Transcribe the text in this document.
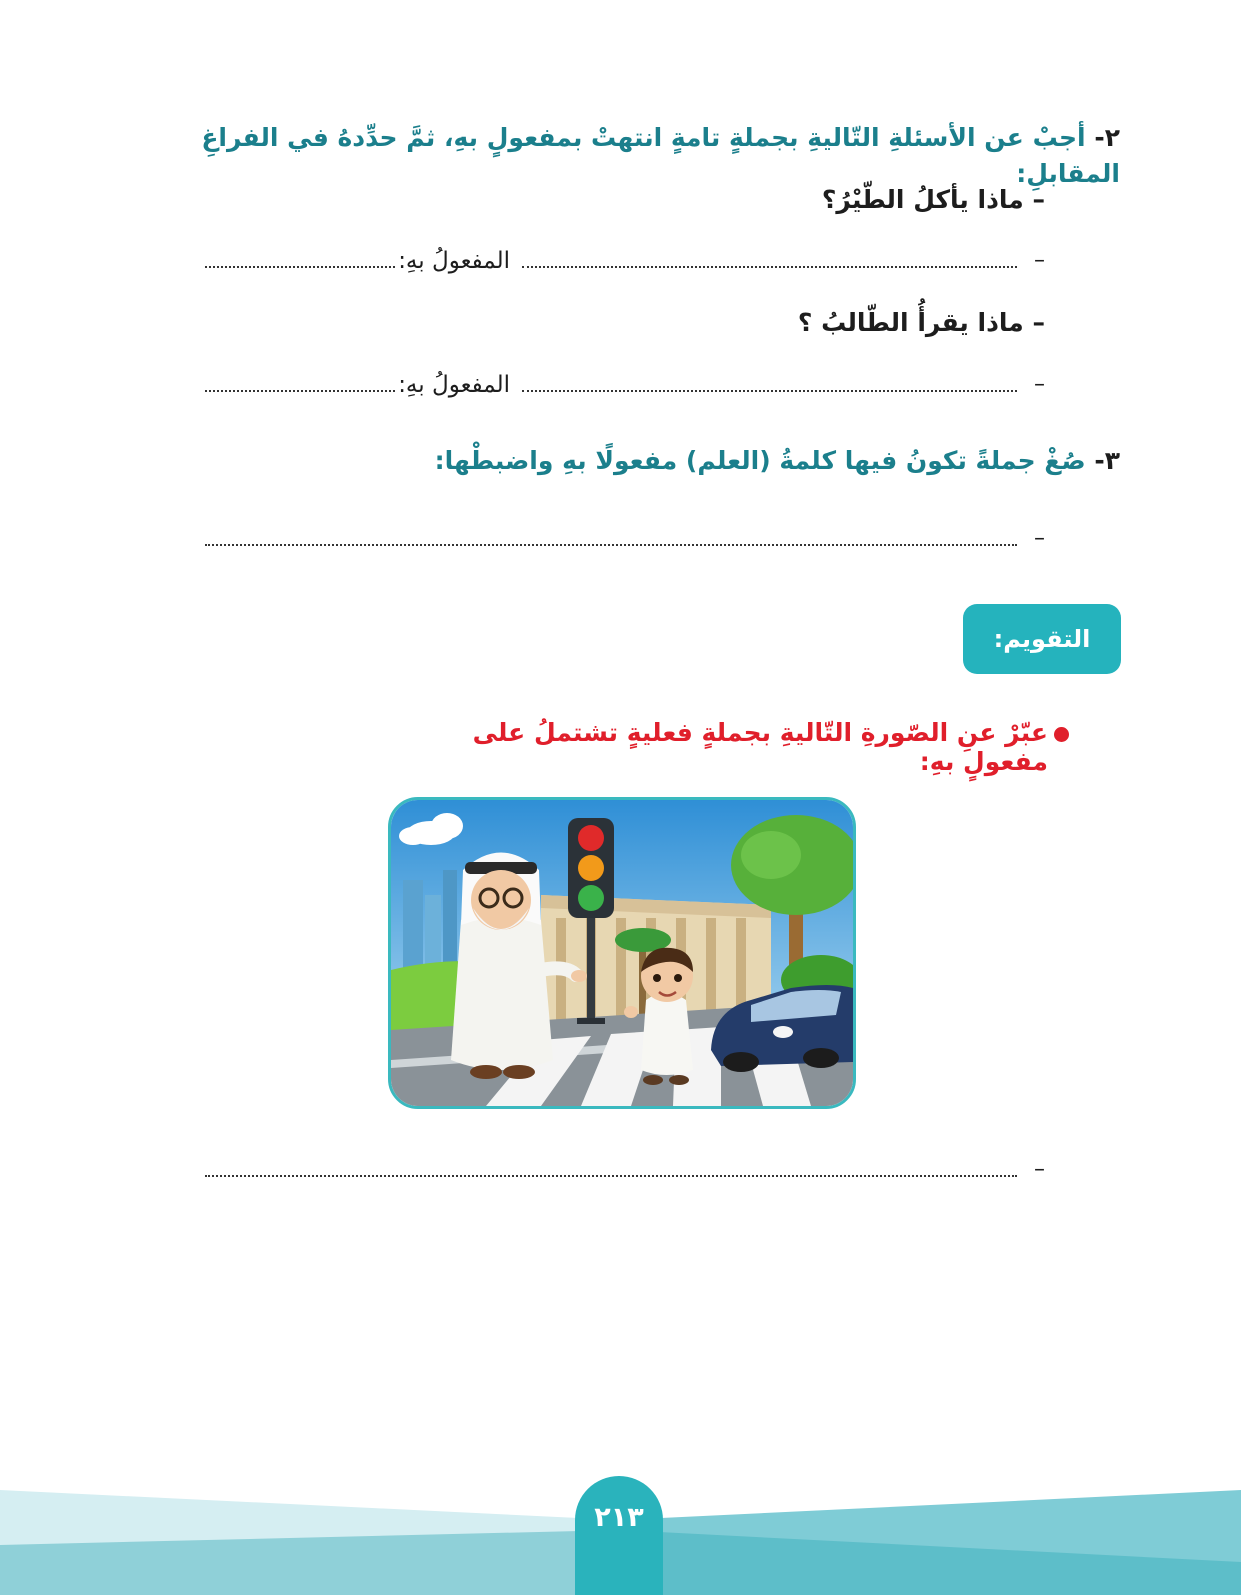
٢- أجبْ عن الأسئلةِ التّاليةِ بجملةٍ تامةٍ انتهتْ بمفعولٍ بهِ، ثمَّ حدِّدهُ في الفراغِ المقابلِ:
– ماذا يأكلُ الطّيْرُ؟
–
المفعولُ بهِ:
– ماذا يقرأُ الطّالبُ ؟
–
المفعولُ بهِ:
٣- صُغْ جملةً تكونُ فيها كلمةُ (العلم) مفعولًا بهِ واضبطْها:
–
التقويم:
عبّرْ عنِ الصّورةِ التّاليةِ بجملةٍ فعليةٍ تشتملُ على مفعولٍ بهِ:
–
٢١٣
